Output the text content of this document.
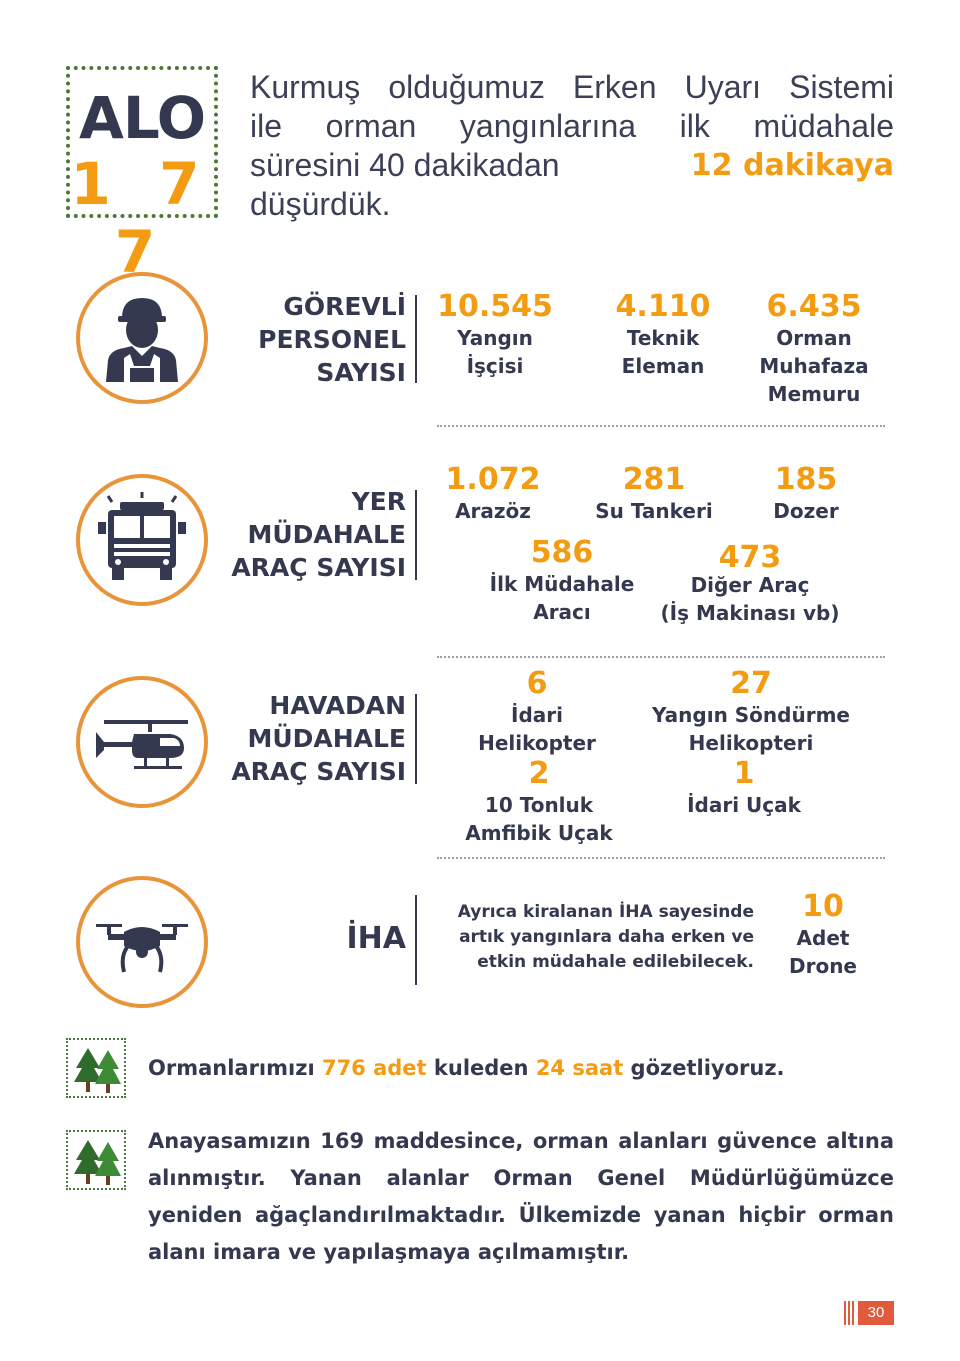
ALO
1 7 7
Kurmuş olduğumuz Erken Uyarı Sistemi
ile orman yangınlarına ilk müdahale
süresini 40 dakikadan	12 dakikaya
düşürdük.
GÖREVLİ
PERSONEL
SAYISI
10.545
Yangın
İşçisi
4.110
Teknik
Eleman
6.435
Orman
Muhafaza
Memuru
YER
MÜDAHALE
ARAÇ SAYISI
1.072
Arazöz
281
Su Tankeri
185
Dozer
586
İlk Müdahale
Aracı
473
Diğer Araç
(İş Makinası vb)
HAVADAN
MÜDAHALE
ARAÇ SAYISI
6
İdari
Helikopter
27
Yangın Söndürme
Helikopteri
2
10 Tonluk
Amfibik Uçak
1
İdari Uçak
İHA
Ayrıca kiralanan İHA sayesinde
artık yangınlara daha erken ve
etkin müdahale edilebilecek.
10
Adet
Drone
Ormanlarımızı 776 adet kuleden 24 saat gözetliyoruz.
Anayasamızın 169 maddesince, orman alanları güvence altına alınmıştır. Yanan alanlar Orman Genel Müdürlüğümüzce yeniden ağaçlandırılmaktadır. Ülkemizde yanan hiçbir orman alanı imara ve yapılaşmaya açılmamıştır.
30
